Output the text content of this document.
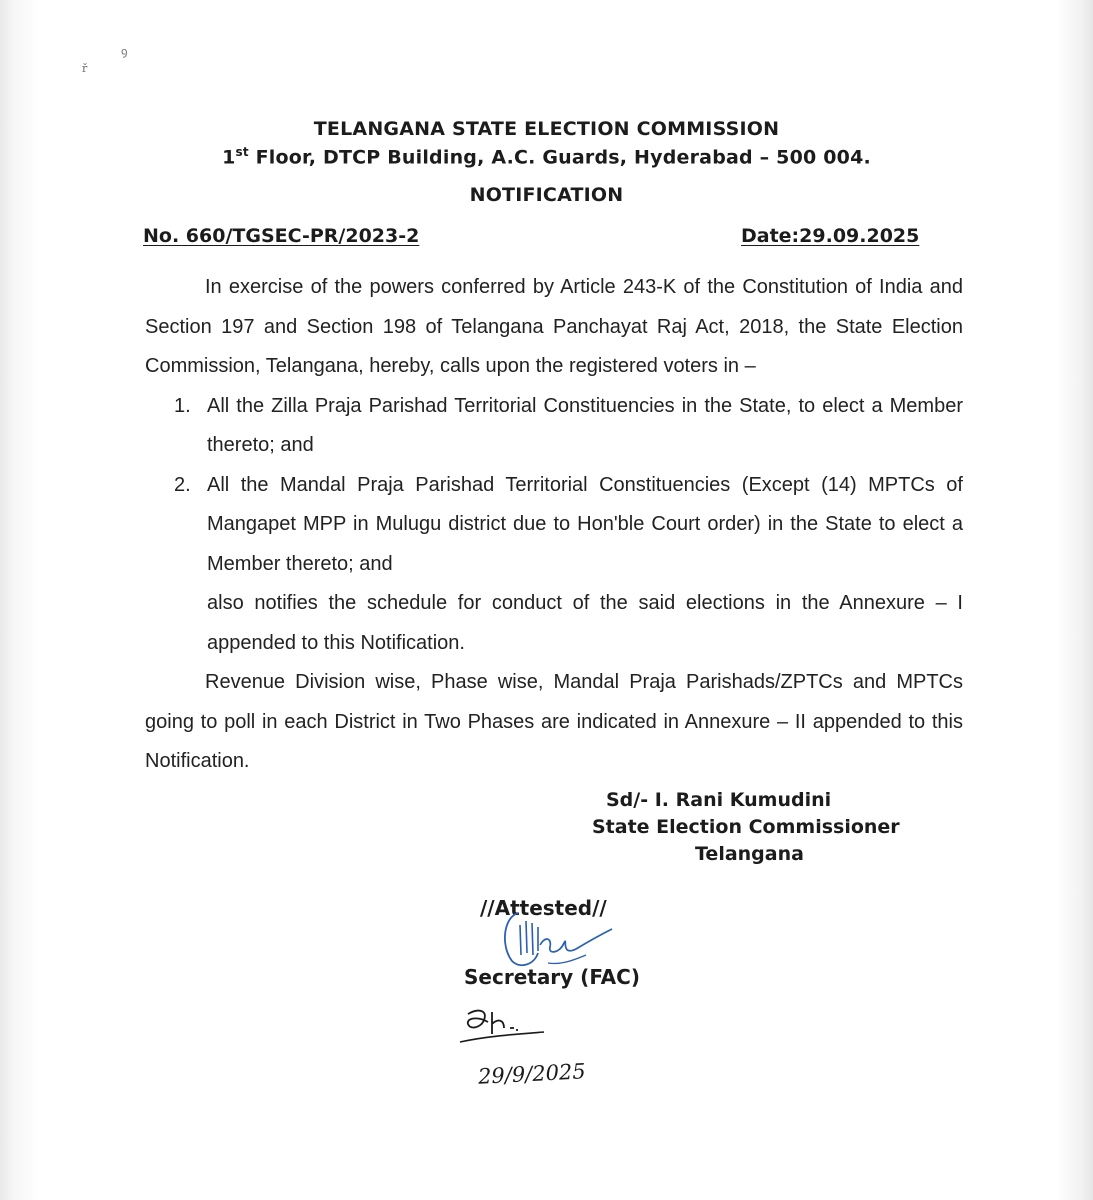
ř
ꝯ
TELANGANA STATE ELECTION COMMISSION
1st Floor, DTCP Building, A.C. Guards, Hyderabad – 500 004.
NOTIFICATION
No. 660/TGSEC-PR/2023-2	Date:29.09.2025

In exercise of the powers conferred by Article 243-K of the Constitution of India and Section 197 and Section 198 of Telangana Panchayat Raj Act, 2018, the State Election Commission, Telangana, hereby, calls upon the registered voters in –

1. All the Zilla Praja Parishad Territorial Constituencies in the State, to elect a Member thereto; and
2. All the Mandal Praja Parishad Territorial Constituencies (Except (14) MPTCs of Mangapet MPP in Mulugu district due to Hon'ble Court order) in the State to elect a Member thereto; and

also notifies the schedule for conduct of the said elections in the Annexure – I appended to this Notification.

Revenue Division wise, Phase wise, Mandal Praja Parishads/ZPTCs and MPTCs going to poll in each District in Two Phases are indicated in Annexure – II appended to this Notification.

Sd/- I. Rani Kumudini
State Election Commissioner
Telangana
//Attested//
Secretary (FAC)
29/9/2025
